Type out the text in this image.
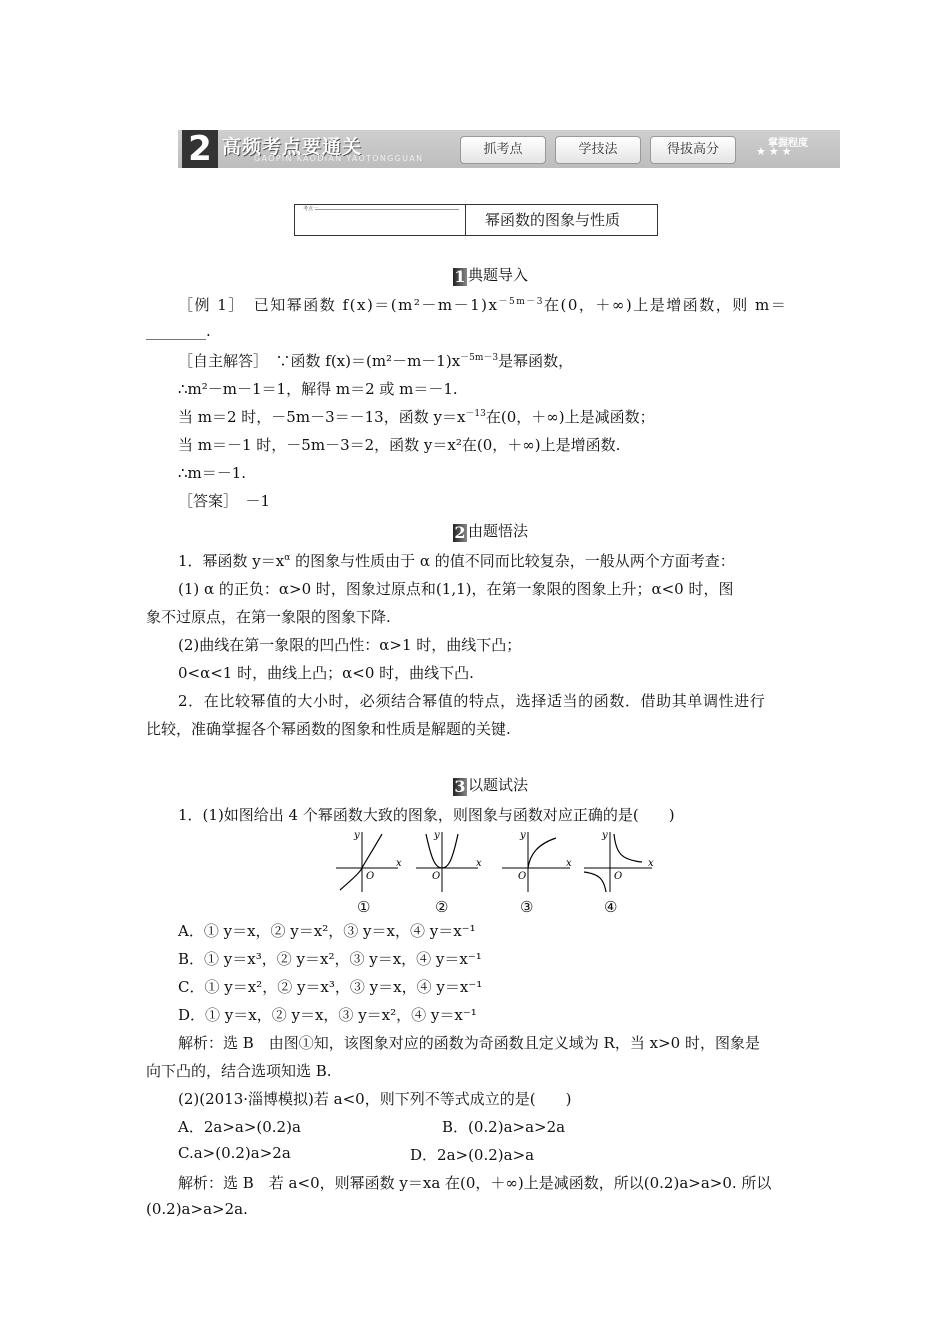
2 高频考点要通关
GAOPIN KAODIAN YAOTONGGUAN
抓考点	学技法	得拔高分	掌握程度
★★★
考点一
幂函数的图象与性质
1 典题导入
［例 1］　已知幂函数 $f(x)=(m^2-m-1)x^{-5m-3}$在(0，＋∞)上是增函数，则 m＝
________.
［自主解答］　∵函数 $f(x)=(m^2-m-1)x^{-5m-3}$是幂函数，
∴m²－m－1＝1，解得 m＝2 或 m＝－1.
当 m＝2 时，－5m－3＝－13，函数 $y=x^{-13}$在(0，＋∞)上是减函数；
当 m＝－1 时，－5m－3＝2，函数 y＝x²在(0，＋∞)上是增函数.
∴m＝－1.
［答案］　－1
2 由题悟法
1．幂函数 $y=x^\alpha$ 的图象与性质由于 α 的值不同而比较复杂，一般从两个方面考查：
(1) α 的正负：α>0 时，图象过原点和(1,1)，在第一象限的图象上升；α<0 时，图
象不过原点，在第一象限的图象下降.
(2)曲线在第一象限的凹凸性：α>1 时，曲线下凸；
0<α<1 时，曲线上凸；α<0 时，曲线下凸.
2．在比较幂值的大小时，必须结合幂值的特点，选择适当的函数．借助其单调性进行
比较，准确掌握各个幂函数的图象和性质是解题的关键.
3 以题试法
1．(1)如图给出 4 个幂函数大致的图象，则图象与函数对应正确的是(　　)
y
x
O
y
x
O
y
x
O
y
x
O
①	②	③	④
A．① y＝x，② y＝x²，③ y＝x，④ y＝x⁻¹
B．① y＝x³，② y＝x²，③ y＝x，④ y＝x⁻¹
C．① y＝x²，② y＝x³，③ y＝x，④ y＝x⁻¹
D．① y＝x，② y＝x，③ y＝x²，④ y＝x⁻¹
解析：选 B　由图①知，该图象对应的函数为奇函数且定义域为 R，当 x>0 时，图象是
向下凸的，结合选项知选 B.
(2)(2013·淄博模拟)若 a<0，则下列不等式成立的是(　　)
A．2a>a>(0.2)a	B．(0.2)a>a>2a
C.a>(0.2)a>2a	D．2a>(0.2)a>a
解析：选 B　若 a<0，则幂函数 y＝xa 在(0，＋∞)上是减函数，所以(0.2)a>a>0. 所以
(0.2)a>a>2a.
